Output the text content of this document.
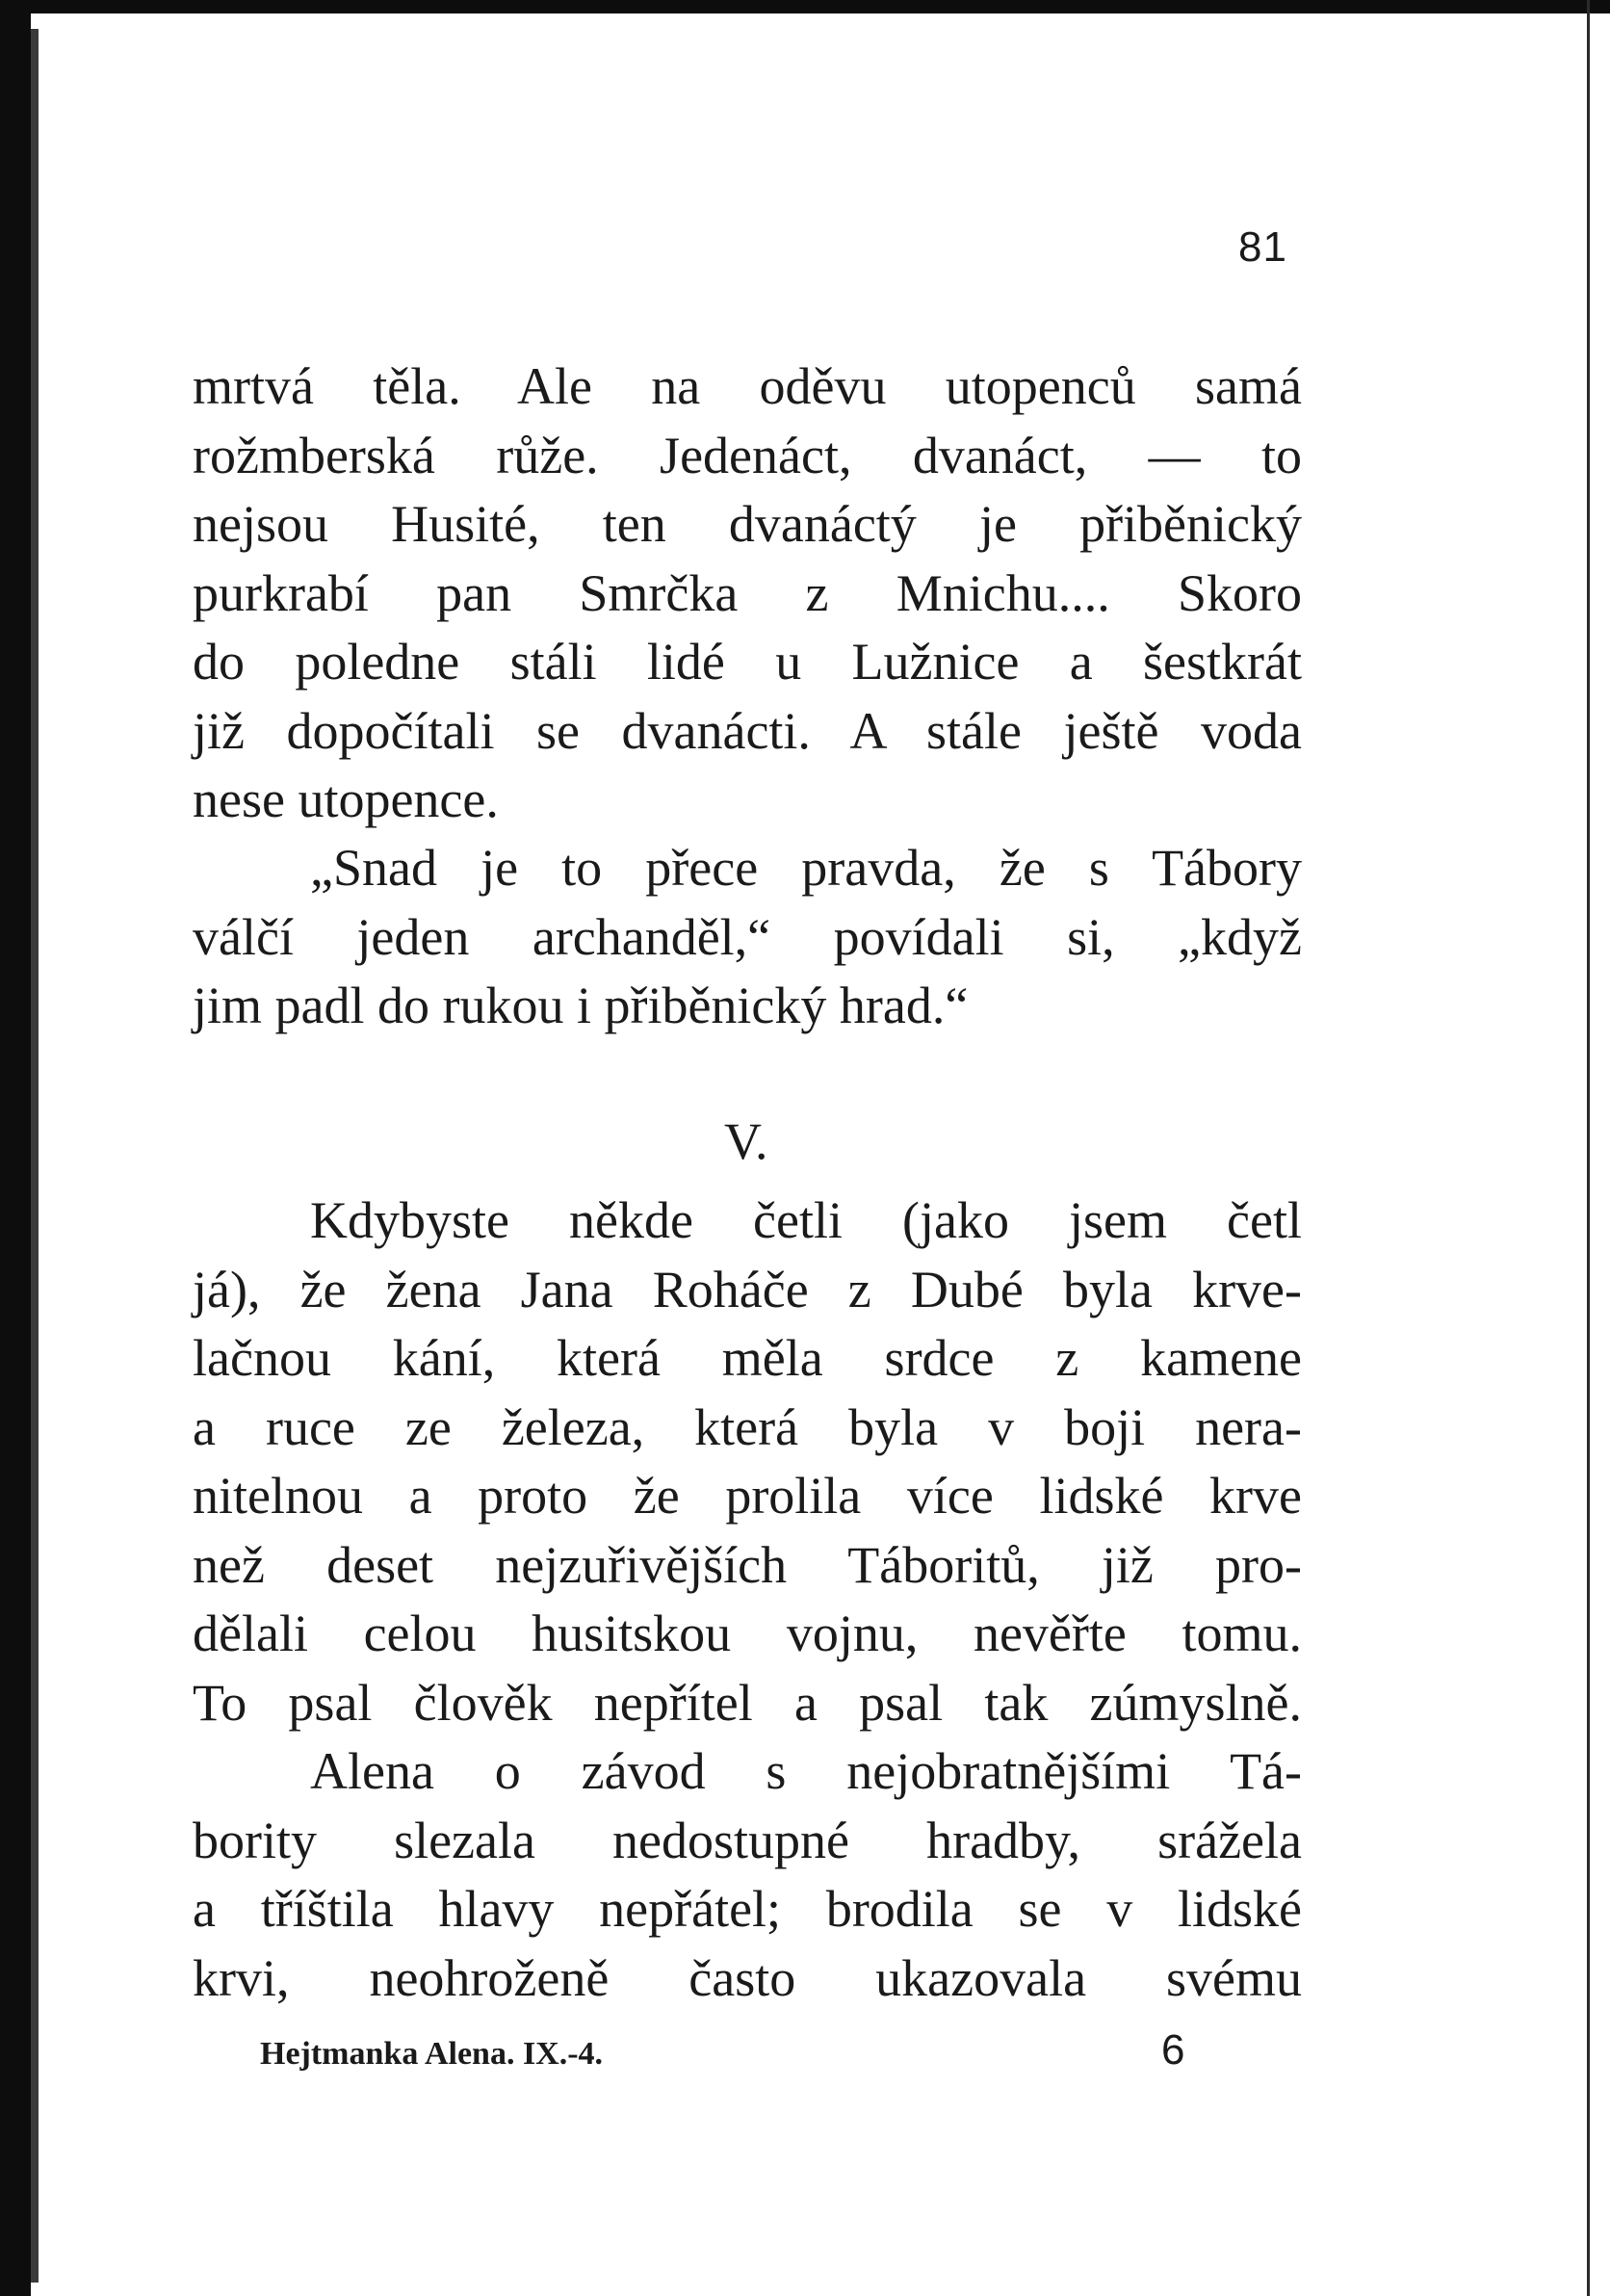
81
mrtvá těla. Ale na oděvu utopenců samá
rožmberská růže. Jedenáct, dvanáct, — to
nejsou Husité, ten dvanáctý je přiběnický
purkrabí pan Smrčka z Mnichu.... Skoro
do poledne stáli lidé u Lužnice a šestkrát
již dopočítali se dvanácti. A stále ještě voda
nese utopence.
„Snad je to přece pravda, že s Tábory
válčí jeden archanděl,“ povídali si, „když
jim padl do rukou i přiběnický hrad.“
V.
Kdybyste někde četli (jako jsem četl
já), že žena Jana Roháče z Dubé byla krve-
lačnou kání, která měla srdce z kamene
a ruce ze železa, která byla v boji nera-
nitelnou a proto že prolila více lidské krve
než deset nejzuřivějších Táboritů, již pro-
dělali celou husitskou vojnu, nevěřte tomu.
To psal člověk nepřítel a psal tak zúmyslně.
Alena o závod s nejobratnějšími Tá-
bority slezala nedostupné hradby, srážela
a tříštila hlavy nepřátel; brodila se v lidské
krvi, neohroženě často ukazovala svému
Hejtmanka Alena. IX.-4.	6
